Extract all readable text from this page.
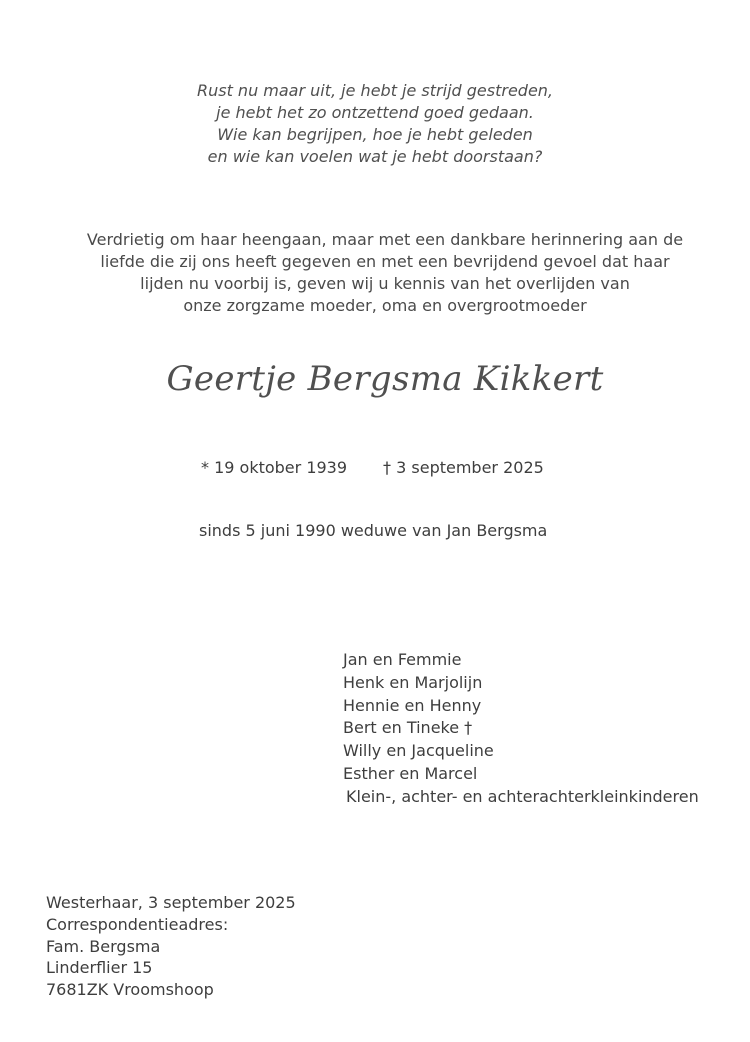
Rust nu maar uit, je hebt je strijd gestreden,
je hebt het zo ontzettend goed gedaan.
Wie kan begrijpen, hoe je hebt geleden
en wie kan voelen wat je hebt doorstaan?
Verdrietig om haar heengaan, maar met een dankbare herinnering aan de
liefde die zij ons heeft gegeven en met een bevrijdend gevoel dat haar
lijden nu voorbij is, geven wij u kennis van het overlijden van
onze zorgzame moeder, oma en overgrootmoeder
Geertje Bergsma Kikkert
* 19 oktober 1939 † 3 september 2025
sinds 5 juni 1990 weduwe van Jan Bergsma
Jan en Femmie
Henk en Marjolijn
Hennie en Henny
Bert en Tineke †
Willy en Jacqueline
Esther en Marcel
Klein-, achter- en achterachterkleinkinderen
Westerhaar, 3 september 2025
Correspondentieadres:
Fam. Bergsma
Linderflier 15
7681ZK Vroomshoop
